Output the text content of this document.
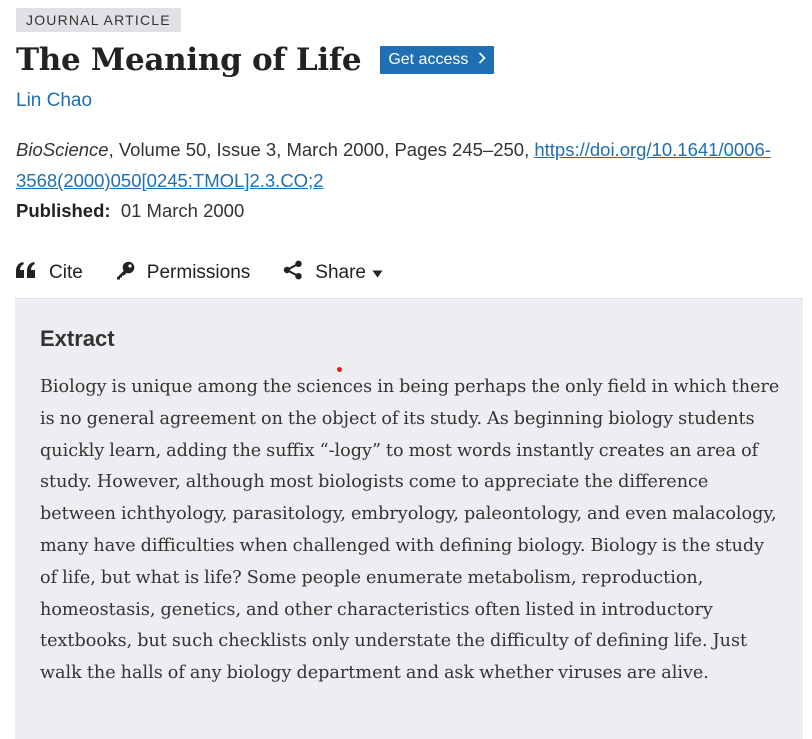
JOURNAL ARTICLE
The Meaning of Life Get access
Lin Chao
BioScience, Volume 50, Issue 3, March 2000, Pages 245–250, https://doi.org/10.1641/0006-3568(2000)050[0245:TMOL]2.3.CO;2
Published: 01 March 2000
Cite	Permissions	Share
Extract
Biology is unique among the sciences in being perhaps the only field in which there is no general agreement on the object of its study. As beginning biology students quickly learn, adding the suffix “-logy” to most words instantly creates an area of study. However, although most biologists come to appreciate the difference between ichthyology, parasitology, embryology, paleontology, and even malacology, many have difficulties when challenged with defining biology. Biology is the study of life, but what is life? Some people enumerate metabolism, reproduction, homeostasis, genetics, and other characteristics often listed in introductory textbooks, but such checklists only understate the difficulty of defining life. Just walk the halls of any biology department and ask whether viruses are alive.
